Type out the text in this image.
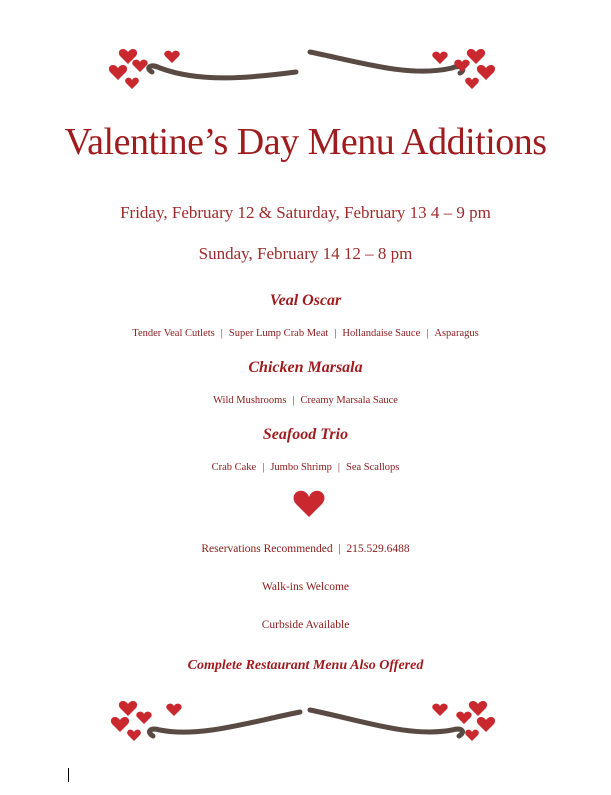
Valentine’s Day Menu Additions
Friday, February 12 & Saturday, February 13 4 – 9 pm
Sunday, February 14 12 – 8 pm
Veal Oscar
Tender Veal Cutlets | Super Lump Crab Meat | Hollandaise Sauce | Asparagus
Chicken Marsala
Wild Mushrooms | Creamy Marsala Sauce
Seafood Trio
Crab Cake | Jumbo Shrimp | Sea Scallops
Reservations Recommended  |  215.529.6488
Walk-ins Welcome
Curbside Available
Complete Restaurant Menu Also Offered
